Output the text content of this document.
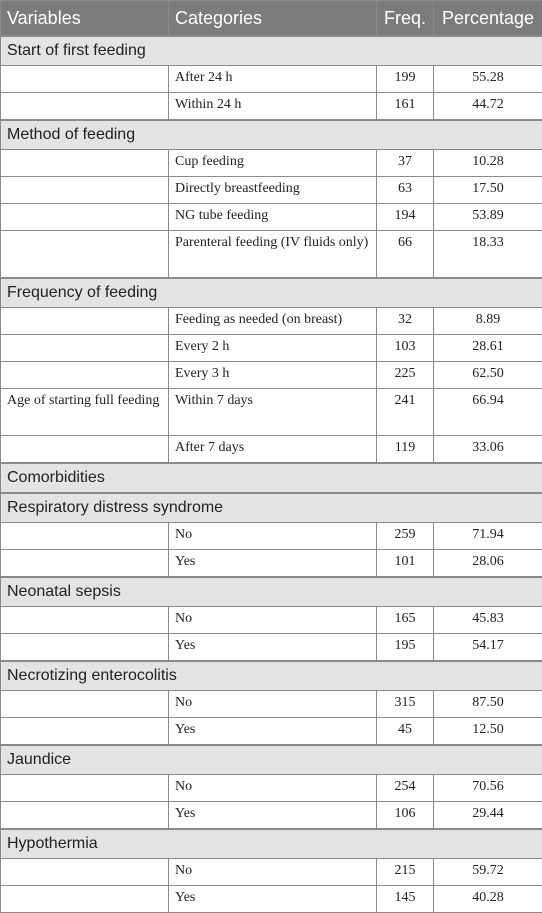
Variables	Categories	Freq.	Percentage
Start of first feeding			
	After 24 h	199	55.28
	Within 24 h	161	44.72
Method of feeding			
	Cup feeding	37	10.28
	Directly breastfeeding	63	17.50
	NG tube feeding	194	53.89
	Parenteral feeding (IV fluids only)	66	18.33
Frequency of feeding			
	Feeding as needed (on breast)	32	8.89
	Every 2 h	103	28.61
	Every 3 h	225	62.50
Age of starting full feeding	Within 7 days	241	66.94
	After 7 days	119	33.06
Comorbidities			
Respiratory distress syndrome			
	No	259	71.94
	Yes	101	28.06
Neonatal sepsis			
	No	165	45.83
	Yes	195	54.17
Necrotizing enterocolitis			
	No	315	87.50
	Yes	45	12.50
Jaundice			
	No	254	70.56
	Yes	106	29.44
Hypothermia			
	No	215	59.72
	Yes	145	40.28
